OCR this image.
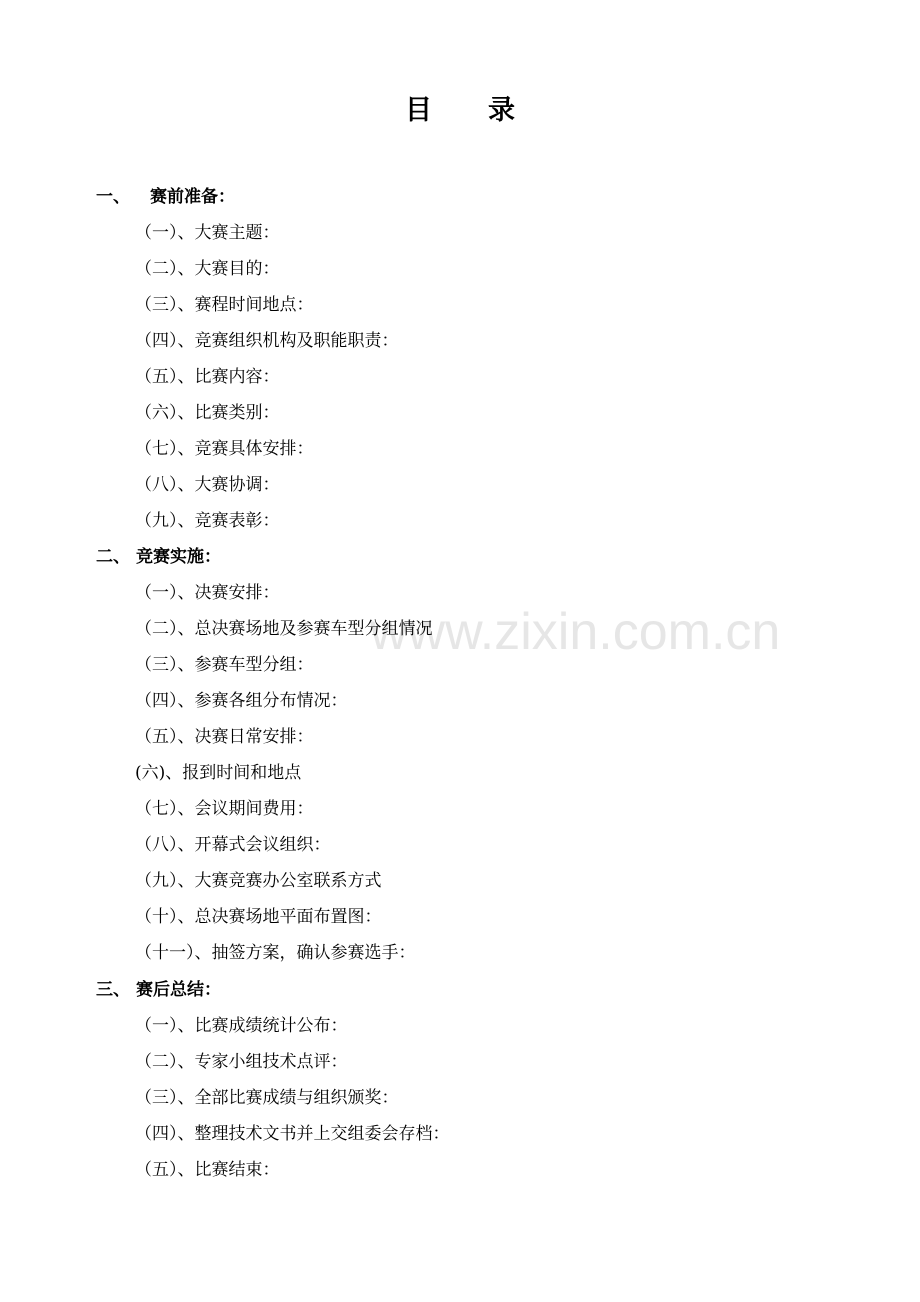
目 录
www.zixin.com.cn
一、 赛前准备：
（一）、大赛主题：
（二）、大赛目的：
（三）、赛程时间地点：
（四）、竞赛组织机构及职能职责：
（五）、比赛内容：
（六）、比赛类别：
（七）、竞赛具体安排：
（八）、大赛协调：
（九）、竞赛表彰：
二、 竞赛实施：
（一）、决赛安排：
（二）、总决赛场地及参赛车型分组情况
（三）、参赛车型分组：
（四）、参赛各组分布情况：
（五）、决赛日常安排：
(六)、报到时间和地点
（七）、会议期间费用：
（八）、开幕式会议组织：
（九）、大赛竞赛办公室联系方式
（十）、总决赛场地平面布置图：
（十一）、抽签方案，确认参赛选手：
三、 赛后总结：
（一）、比赛成绩统计公布：
（二）、专家小组技术点评：
（三）、全部比赛成绩与组织颁奖：
（四）、整理技术文书并上交组委会存档：
（五）、比赛结束：
